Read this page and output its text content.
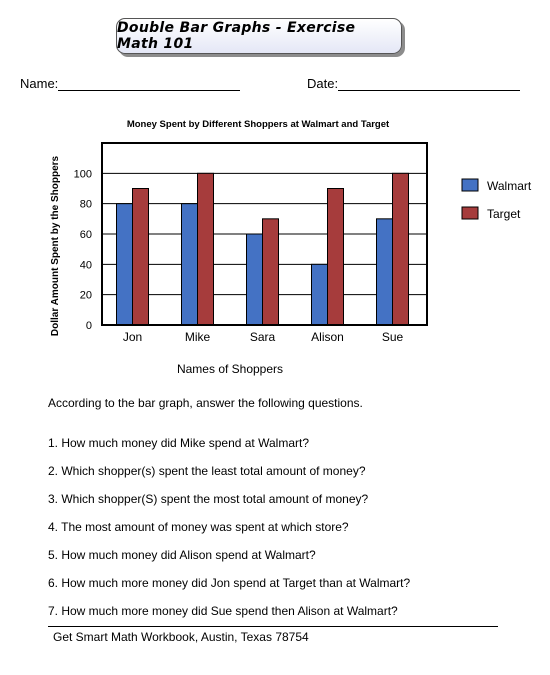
Double Bar Graphs - Exercise Math 101
Name:	Date:
Money Spent by Different Shoppers at Walmart and Target
0
20
40
60
80
100
Jon	Mike	Sara	Alison	Sue
Dollar Amount Spent by the Shoppers
Names of Shoppers
Walmart
Target
According to the bar graph, answer the following questions.
1. How much money did Mike spend at Walmart?
2. Which shopper(s) spent the least total amount of money?
3. Which shopper(S) spent the most total amount of money?
4. The most amount of money was spent at which store?
5. How much money did Alison spend at Walmart?
6. How much more money did Jon spend at Target than at Walmart?
7. How much more money did Sue spend then Alison at Walmart?
Get Smart Math Workbook, Austin, Texas 78754
